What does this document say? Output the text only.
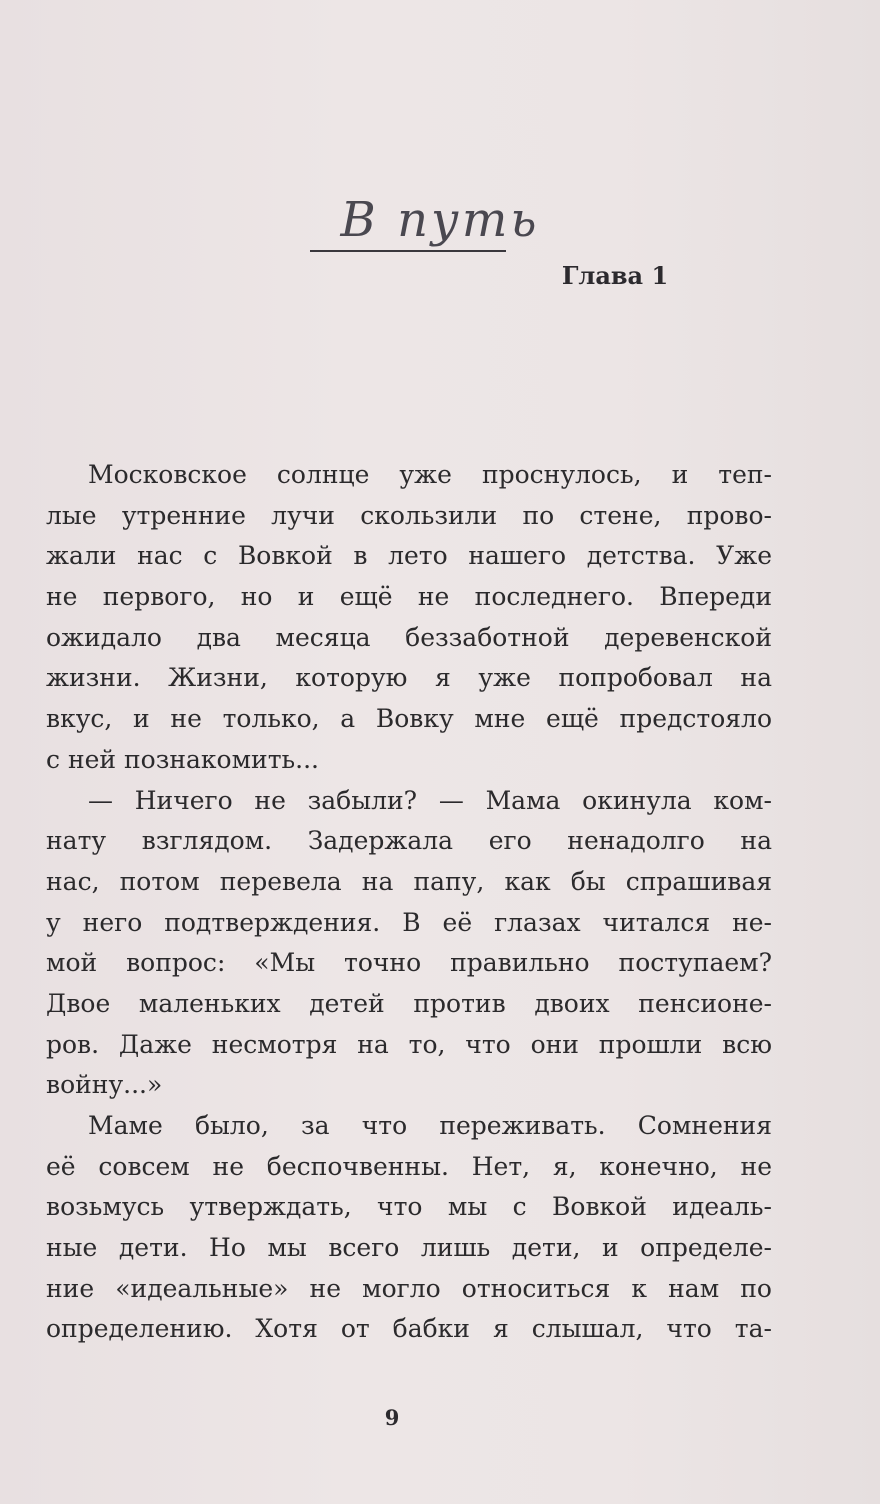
В путь
Глава 1
Московское солнце уже проснулось, и теп-
лые утренние лучи скользили по стене, прово-
жали нас с Вовкой в лето нашего детства. Уже
не первого, но и ещё не последнего. Впереди
ожидало два месяца беззаботной деревенской
жизни. Жизни, которую я уже попробовал на
вкус, и не только, а Вовку мне ещё предстояло
с ней познакомить...
— Ничего не забыли? — Мама окинула ком-
нату взглядом. Задержала его ненадолго на
нас, потом перевела на папу, как бы спрашивая
у него подтверждения. В её глазах читался не-
мой вопрос: «Мы точно правильно поступаем?
Двое маленьких детей против двоих пенсионе-
ров. Даже несмотря на то, что они прошли всю
войну...»
Маме было, за что переживать. Сомнения
её совсем не беспочвенны. Нет, я, конечно, не
возьмусь утверждать, что мы с Вовкой идеаль-
ные дети. Но мы всего лишь дети, и определе-
ние «идеальные» не могло относиться к нам по
определению. Хотя от бабки я слышал, что та-
9
